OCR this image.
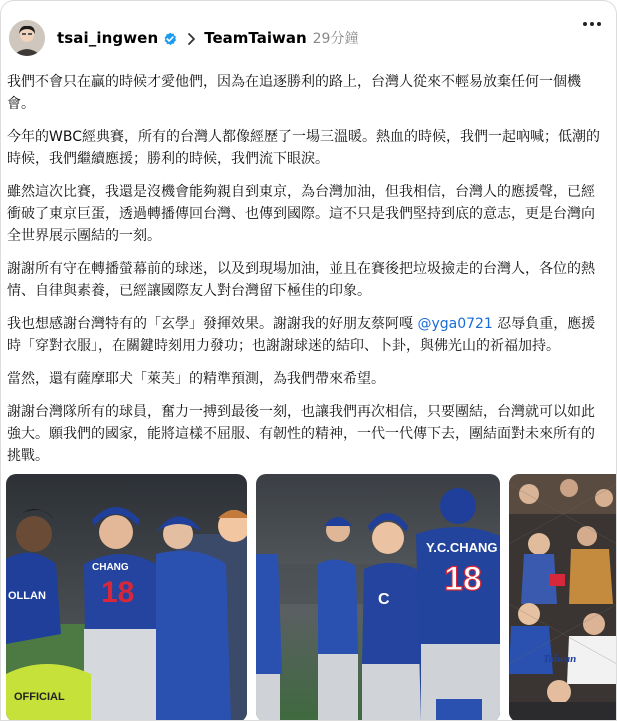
tsai_ingwen	TeamTaiwan 29分鐘

我們不會只在贏的時候才愛他們，因為在追逐勝利的路上，台灣人從來不輕易放棄任何一個機會。

今年的WBC經典賽，所有的台灣人都像經歷了一場三溫暖。熱血的時候，我們一起吶喊；低潮的時候，我們繼續應援；勝利的時候，我們流下眼淚。

雖然這次比賽，我還是沒機會能夠親自到東京，為台灣加油，但我相信，台灣人的應援聲，已經衝破了東京巨蛋，透過轉播傳回台灣、也傳到國際。這不只是我們堅持到底的意志，更是台灣向全世界展示團結的一刻。

謝謝所有守在轉播螢幕前的球迷，以及到現場加油，並且在賽後把垃圾撿走的台灣人，各位的熱情、自律與素養，已經讓國際友人對台灣留下極佳的印象。

我也想感謝台灣特有的「玄學」發揮效果。謝謝我的好朋友蔡阿嘎 @yga0721 忍辱負重，應援時「穿對衣服」，在關鍵時刻用力發功；也謝謝球迷的結印、卜卦，與佛光山的祈福加持。

當然，還有薩摩耶犬「萊芙」的精準預測，為我們帶來希望。

謝謝台灣隊所有的球員，奮力一搏到最後一刻，也讓我們再次相信，只要團結，台灣就可以如此強大。願我們的國家，能將這樣不屈服、有韌性的精神，一代一代傳下去，團結面對未來所有的挑戰。

OLLAN
CHANG
18
OFFICIAL
C
Y.C.CHANG
18
Taiwan
